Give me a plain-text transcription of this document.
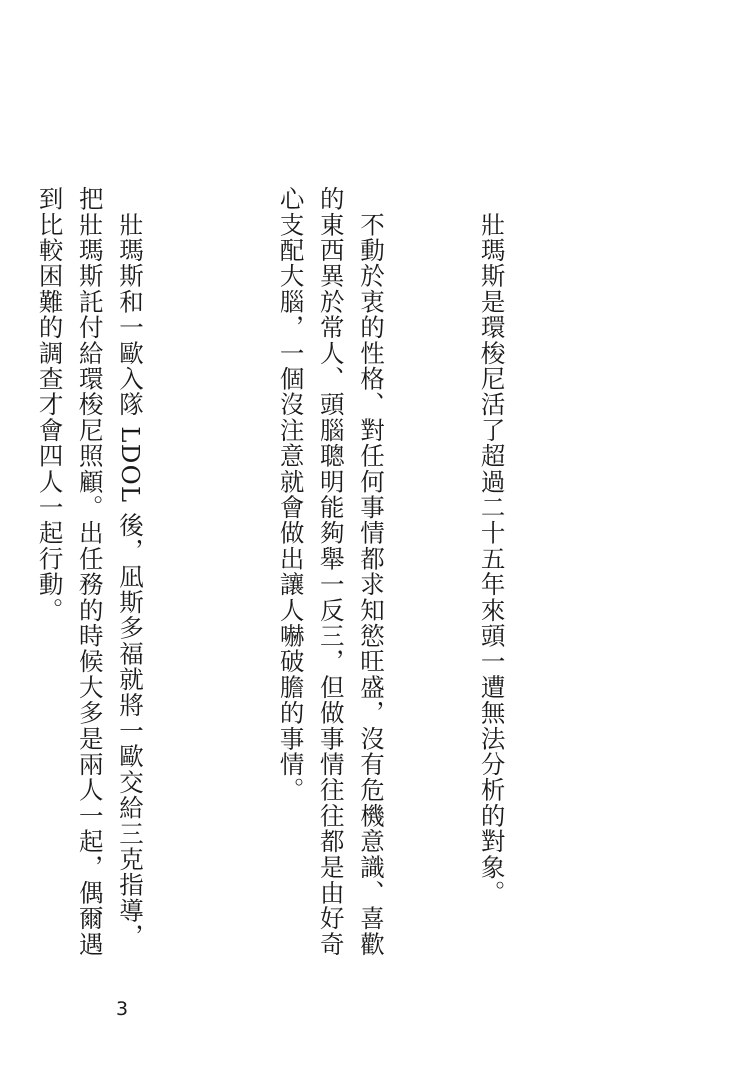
　壯瑪斯是環梭尼活了超過二十五年來頭一遭無法分析的對象。

　不動於衷的性格、對任何事情都求知慾旺盛，沒有危機意識、喜歡的東西異於常人、頭腦聰明能夠舉一反三，但做事情往往都是由好奇心支配大腦，一個沒注意就會做出讓人嚇破膽的事情。

　壯瑪斯和一歐入隊 LDOL 後，凪斯多福就將一歐交給三克指導，把壯瑪斯託付給環梭尼照顧。出任務的時候大多是兩人一起，偶爾遇到比較困難的調查才會四人一起行動。

3
